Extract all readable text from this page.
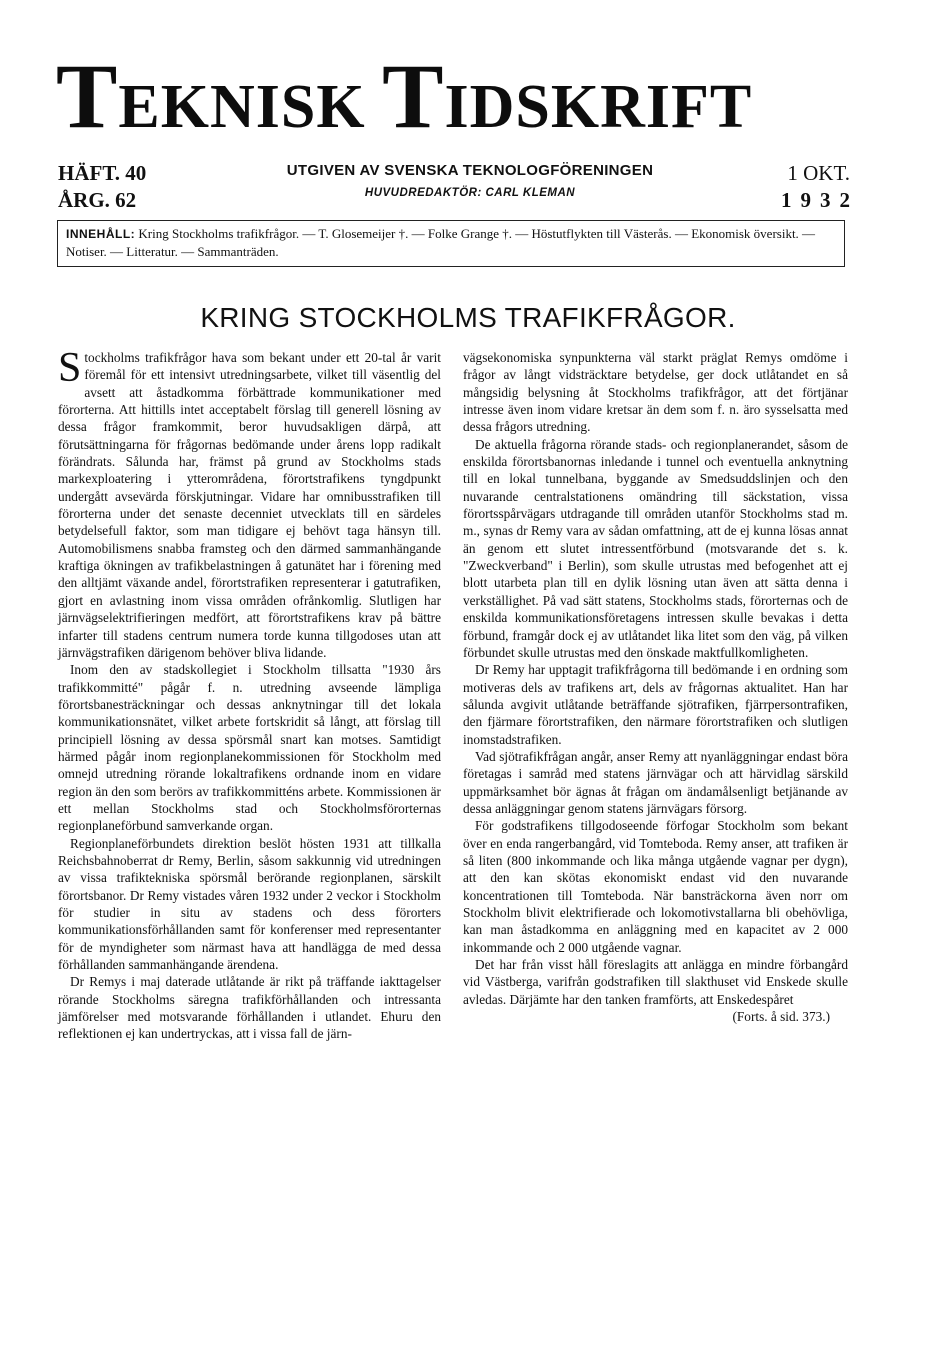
TEKNISK TIDSKRIFT
HÄFT. 40
ÅRG. 62
UTGIVEN AV SVENSKA TEKNOLOGFÖRENINGEN
HUVUDREDAKTÖR: CARL KLEMAN
1 OKT.
1932
INNEHÅLL: Kring Stockholms trafikfrågor. — T. Glosemeijer †. — Folke Grange †. — Höstutflykten till Västerås. — Ekonomisk översikt. — Notiser. — Litteratur. — Sammanträden.
KRING STOCKHOLMS TRAFIKFRÅGOR.

Stockholms trafikfrågor hava som bekant under ett 20-tal år varit föremål för ett intensivt utredningsarbete, vilket till väsentlig del avsett att åstadkomma förbättrade kommunikationer med förorterna. Att hittills intet acceptabelt förslag till generell lösning av dessa frågor framkommit, beror huvudsakligen därpå, att förutsättningarna för frågornas bedömande under årens lopp radikalt förändrats. Sålunda har, främst på grund av Stockholms stads markexploatering i ytterområdena, förortstrafikens tyngdpunkt undergått avsevärda förskjutningar. Vidare har omnibusstrafiken till förorterna under det senaste decenniet utvecklats till en särdeles betydelsefull faktor, som man tidigare ej behövt taga hänsyn till. Automobilismens snabba framsteg och den därmed sammanhängande kraftiga ökningen av trafikbelastningen å gatunätet har i förening med den alltjämt växande andel, förortstrafiken representerar i gatutrafiken, gjort en avlastning inom vissa områden ofrånkomlig. Slutligen har järnvägselektrifieringen medfört, att förortstrafikens krav på bättre infarter till stadens centrum numera torde kunna tillgodoses utan att järnvägstrafiken därigenom behöver bliva lidande.

Inom den av stadskollegiet i Stockholm tillsatta "1930 års trafikkommitté" pågår f. n. utredning avseende lämpliga förortsbanesträckningar och dessas anknytningar till det lokala kommunikationsnätet, vilket arbete fortskridit så långt, att förslag till principiell lösning av dessa spörsmål snart kan motses. Samtidigt härmed pågår inom regionplanekommissionen för Stockholm med omnejd utredning rörande lokaltrafikens ordnande inom en vidare region än den som berörs av trafikkommitténs arbete. Kommissionen är ett mellan Stockholms stad och Stockholmsförorternas regionplaneförbund samverkande organ.

Regionplaneförbundets direktion beslöt hösten 1931 att tillkalla Reichsbahnoberrat dr Remy, Berlin, såsom sakkunnig vid utredningen av vissa trafiktekniska spörsmål berörande regionplanen, särskilt förortsbanor. Dr Remy vistades våren 1932 under 2 veckor i Stockholm för studier in situ av stadens och dess förorters kommunikationsförhållanden samt för konferenser med representanter för de myndigheter som närmast hava att handlägga de med dessa förhållanden sammanhängande ärendena.

Dr Remys i maj daterade utlåtande är rikt på träffande iakttagelser rörande Stockholms säregna trafikförhållanden och intressanta jämförelser med motsvarande förhållanden i utlandet. Ehuru den reflektionen ej kan undertryckas, att i vissa fall de järn-

vägsekonomiska synpunkterna väl starkt präglat Remys omdöme i frågor av långt vidsträcktare betydelse, ger dock utlåtandet en så mångsidig belysning åt Stockholms trafikfrågor, att det förtjänar intresse även inom vidare kretsar än dem som f. n. äro sysselsatta med dessa frågors utredning.

De aktuella frågorna rörande stads- och regionplanerandet, såsom de enskilda förortsbanornas inledande i tunnel och eventuella anknytning till en lokal tunnelbana, byggande av Smedsuddslinjen och den nuvarande centralstationens omändring till säckstation, vissa förortsspårvägars utdragande till områden utanför Stockholms stad m. m., synas dr Remy vara av sådan omfattning, att de ej kunna lösas annat än genom ett slutet intressentförbund (motsvarande det s. k. "Zweckverband" i Berlin), som skulle utrustas med befogenhet att ej blott utarbeta plan till en dylik lösning utan även att sätta denna i verkställighet. På vad sätt statens, Stockholms stads, förorternas och de enskilda kommunikationsföretagens intressen skulle bevakas i detta förbund, framgår dock ej av utlåtandet lika litet som den väg, på vilken förbundet skulle utrustas med den önskade maktfullkomligheten.

Dr Remy har upptagit trafikfrågorna till bedömande i en ordning som motiveras dels av trafikens art, dels av frågornas aktualitet. Han har sålunda avgivit utlåtande beträffande sjötrafiken, fjärrpersontrafiken, den fjärmare förortstrafiken, den närmare förortstrafiken och slutligen inomstadstrafiken.

Vad sjötrafikfrågan angår, anser Remy att nyanläggningar endast böra företagas i samråd med statens järnvägar och att härvidlag särskild uppmärksamhet bör ägnas åt frågan om ändamålsenligt betjänande av dessa anläggningar genom statens järnvägars försorg.

För godstrafikens tillgodoseende förfogar Stockholm som bekant över en enda rangerbangård, vid Tomteboda. Remy anser, att trafiken är så liten (800 inkommande och lika många utgående vagnar per dygn), att den kan skötas ekonomiskt endast vid den nuvarande koncentrationen till Tomteboda. När bansträckorna även norr om Stockholm blivit elektrifierade och lokomotivstallarna bli obehövliga, kan man åstadkomma en anläggning med en kapacitet av 2 000 inkommande och 2 000 utgående vagnar.

Det har från visst håll föreslagits att anlägga en mindre förbangård vid Västberga, varifrån godstrafiken till slakthuset vid Enskede skulle avledas. Därjämte har den tanken framförts, att Enskedespåret

(Forts. å sid. 373.)
